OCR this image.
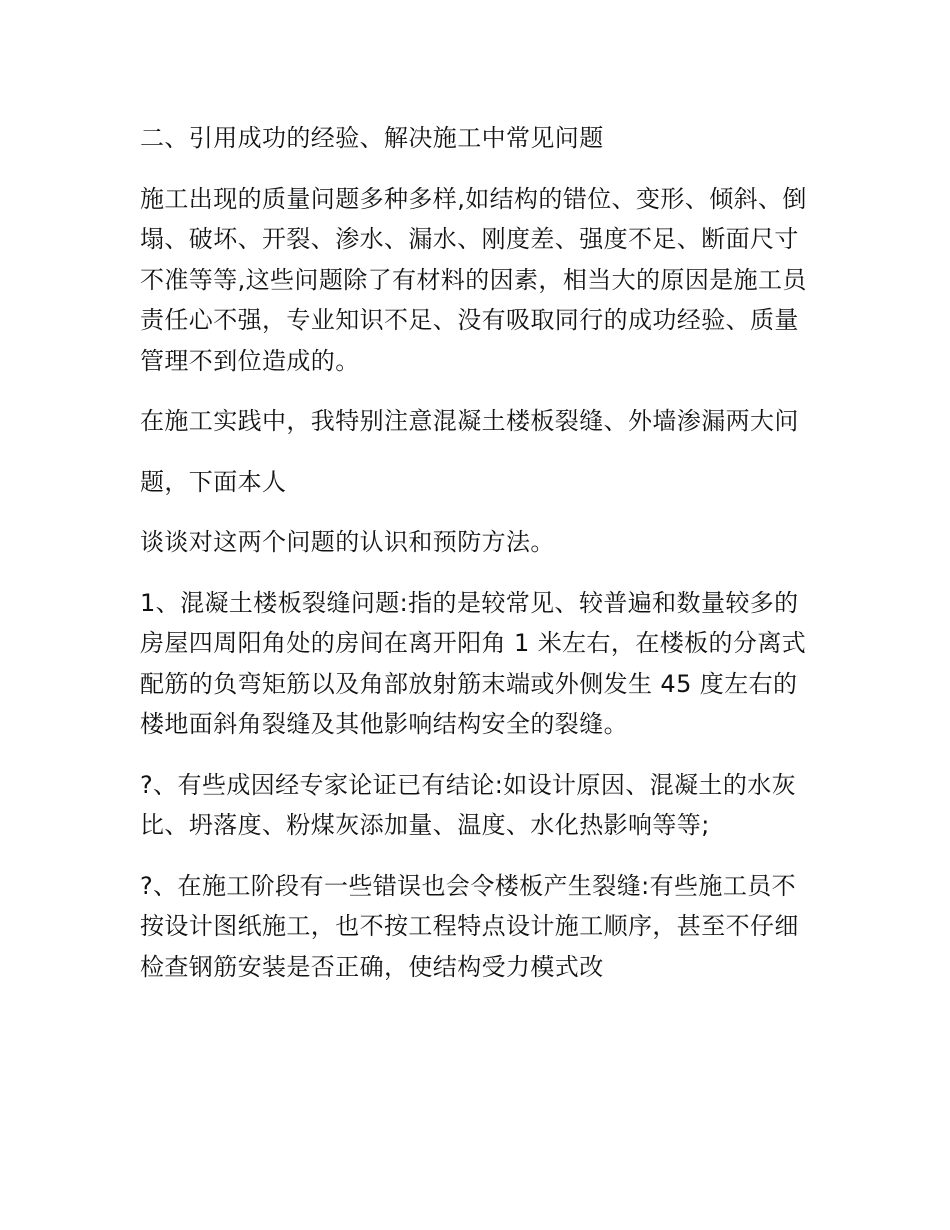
二、引用成功的经验、解决施工中常见问题

施工出现的质量问题多种多样,如结构的错位、变形、倾斜、倒塌、破坏、开裂、渗水、漏水、刚度差、强度不足、断面尺寸不准等等,这些问题除了有材料的因素，相当大的原因是施工员责任心不强，专业知识不足、没有吸取同行的成功经验、质量管理不到位造成的。

在施工实践中，我特别注意混凝土楼板裂缝、外墙渗漏两大问

题，下面本人

谈谈对这两个问题的认识和预防方法。

1、混凝土楼板裂缝问题:指的是较常见、较普遍和数量较多的房屋四周阳角处的房间在离开阳角 1 米左右，在楼板的分离式配筋的负弯矩筋以及角部放射筋末端或外侧发生 45 度左右的楼地面斜角裂缝及其他影响结构安全的裂缝。

?、有些成因经专家论证已有结论:如设计原因、混凝土的水灰比、坍落度、粉煤灰添加量、温度、水化热影响等等;

?、在施工阶段有一些错误也会令楼板产生裂缝:有些施工员不按设计图纸施工，也不按工程特点设计施工顺序，甚至不仔细检查钢筋安装是否正确，使结构受力模式改
